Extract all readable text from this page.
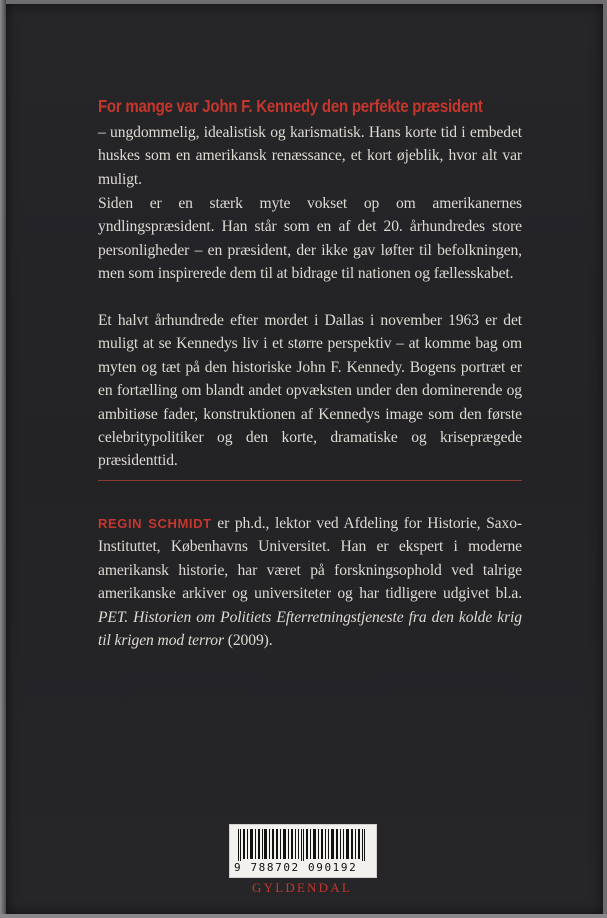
For mange var John F. Kennedy den perfekte præsident
– ungdommelig, idealistisk og karismatisk. Hans korte tid i embedet huskes som en amerikansk renæssance, et kort øjeblik, hvor alt var muligt.
Siden er en stærk myte vokset op om amerikanernes yndlingspræsident. Han står som en af det 20. århundredes store personligheder – en præsident, der ikke gav løfter til befolkningen, men som inspirerede dem til at bidrage til nationen og fællesskabet.
Et halvt århundrede efter mordet i Dallas i november 1963 er det muligt at se Kennedys liv i et større perspektiv – at komme bag om myten og tæt på den historiske John F. Kennedy. Bogens portræt er en fortælling om blandt andet opvæksten under den dominerende og ambitiøse fader, konstruktionen af Kennedys image som den første celebritypolitiker og den korte, dramatiske og kriseprægede præsidenttid.
REGIN SCHMIDT er ph.d., lektor ved Afdeling for Historie, Saxo-Instituttet, Københavns Universitet. Han er ekspert i moderne amerikansk historie, har været på forskningsophold ved talrige amerikanske arkiver og universiteter og har tidligere udgivet bl.a. PET. Historien om Politiets Efterretningstjeneste fra den kolde krig til krigen mod terror (2009).
9 788702 090192
GYLDENDAL
